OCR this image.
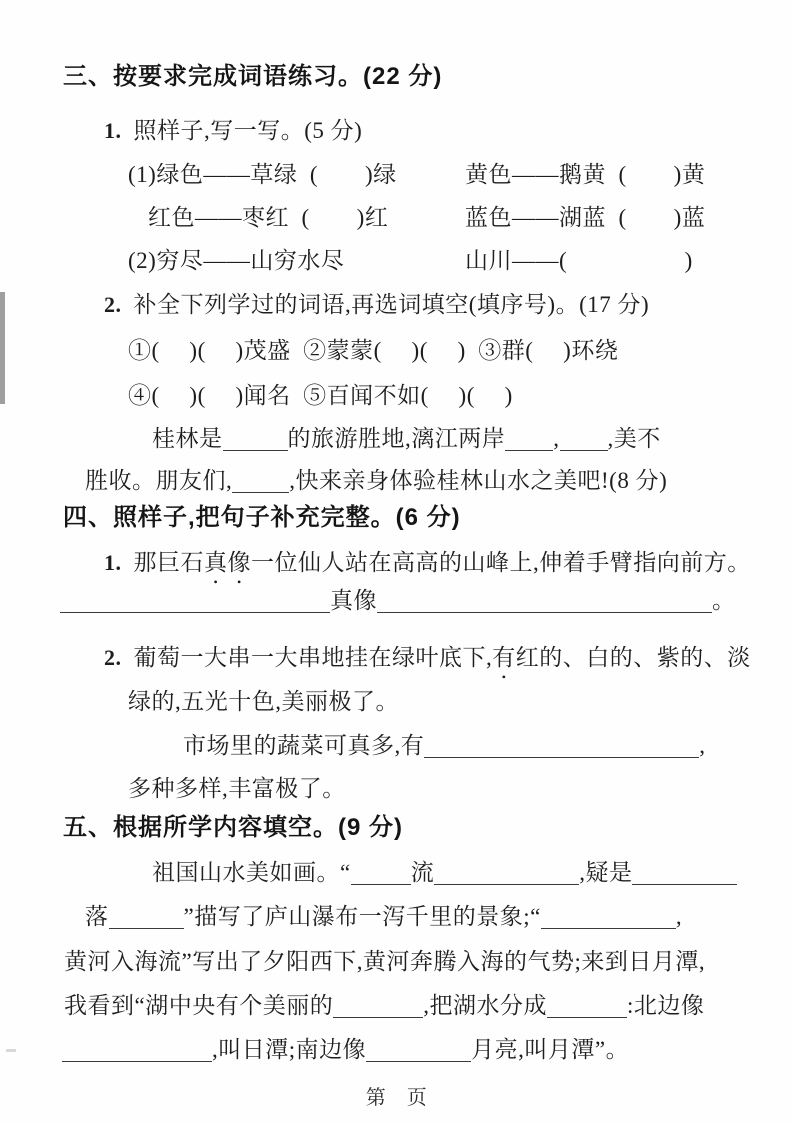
三、按要求完成词语练习。(22 分)
1. 照样子,写一写。(5 分)
(1)绿色——草绿  (　　)绿	黄色——鹅黄  (　　)黄
红色——枣红  (　　)红	蓝色——湖蓝  (　　)蓝
(2)穷尽——山穷水尽	山川——(　　　　　)
2. 补全下列学过的词语,再选词填空(填序号)。(17 分)
①(　 )(　 )茂盛  ②蒙蒙(　 )(　 )  ③群(　 )环绕
④(　 )(　 )闻名  ⑤百闻不如(　 )(　 )
桂林是	的旅游胜地,漓江两岸 , ,美不
胜收。朋友们, ,快来亲身体验桂林山水之美吧!(8 分)
四、照样子,把句子补充完整。(6 分)
1. 那巨石真像一位仙人站在高高的山峰上,伸着手臂指向前方。
真像	。
2. 葡萄一大串一大串地挂在绿叶底下,有红的、白的、紫的、淡
绿的,五光十色,美丽极了。
市场里的蔬菜可真多,有	,
多种多样,丰富极了。
五、根据所学内容填空。(9 分)
祖国山水美如画。“	流	,疑是
落	”描写了庐山瀑布一泻千里的景象;“	,
黄河入海流”写出了夕阳西下,黄河奔腾入海的气势;来到日月潭,
我看到“湖中央有个美丽的	,把湖水分成	:北边像
,叫日潭;南边像	月亮,叫月潭”。
第　页
